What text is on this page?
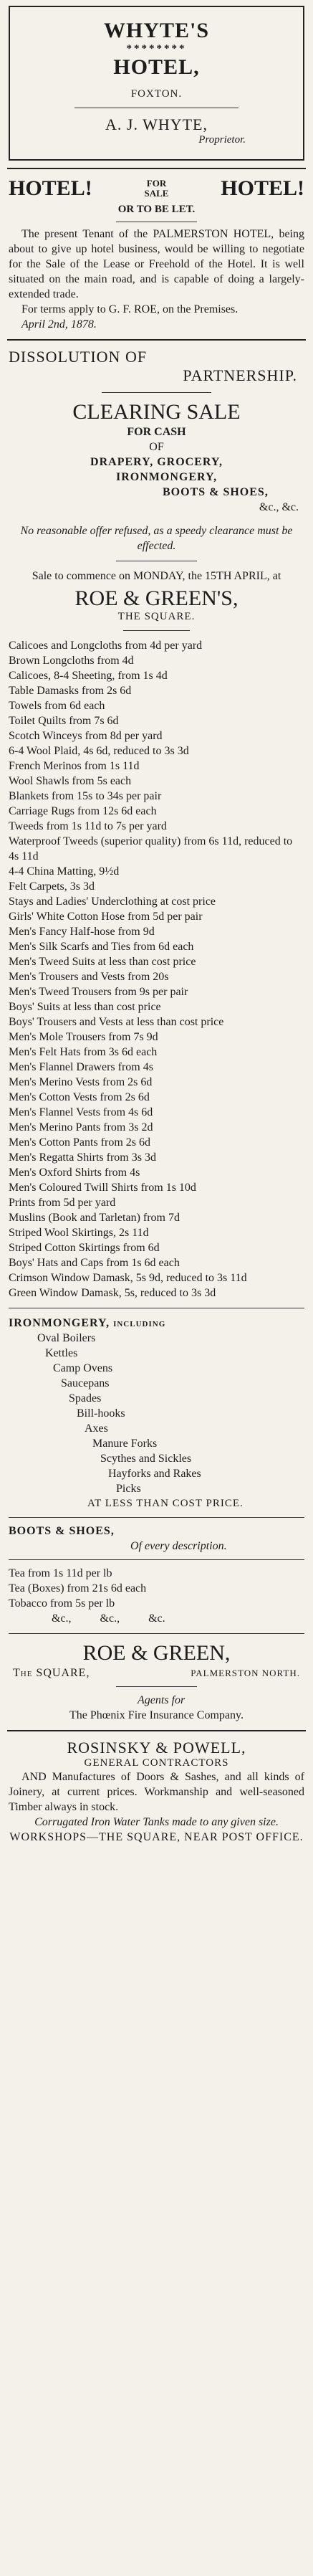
WHYTE'S
********
HOTEL,
FOXTON.
A. J. WHYTE,
Proprietor.
HOTEL!	FOR
SALE HOTEL!
OR TO BE LET.
The present Tenant of the PALMERSTON HOTEL, being about to give up hotel business, would be willing to negotiate for the Sale of the Lease or Freehold of the Hotel. It is well situated on the main road, and is capable of doing a largely-extended trade.
For terms apply to G. F. ROE, on the Premises.
April 2nd, 1878.
DISSOLUTION OF
PARTNERSHIP.
CLEARING SALE
FOR CASH
OF
DRAPERY, GROCERY,
IRONMONGERY,
BOOTS & SHOES,
&c., &c.
No reasonable offer refused, as a speedy clearance must be effected.
Sale to commence on MONDAY, the 15TH APRIL, at
ROE & GREEN'S,
THE SQUARE.
Calicoes and Longcloths from 4d per yard
Brown Longcloths from 4d
Calicoes, 8-4 Sheeting, from 1s 4d
Table Damasks from 2s 6d
Towels from 6d each
Toilet Quilts from 7s 6d
Scotch Winceys from 8d per yard
6-4 Wool Plaid, 4s 6d, reduced to 3s 3d
French Merinos from 1s 11d
Wool Shawls from 5s each
Blankets from 15s to 34s per pair
Carriage Rugs from 12s 6d each
Tweeds from 1s 11d to 7s per yard
Waterproof Tweeds (superior quality) from 6s 11d, reduced to 4s 11d
4-4 China Matting, 9½d
Felt Carpets, 3s 3d
Stays and Ladies' Underclothing at cost price
Girls' White Cotton Hose from 5d per pair
Men's Fancy Half-hose from 9d
Men's Silk Scarfs and Ties from 6d each
Men's Tweed Suits at less than cost price
Men's Trousers and Vests from 20s
Men's Tweed Trousers from 9s per pair
Boys' Suits at less than cost price
Boys' Trousers and Vests at less than cost price
Men's Mole Trousers from 7s 9d
Men's Felt Hats from 3s 6d each
Men's Flannel Drawers from 4s
Men's Merino Vests from 2s 6d
Men's Cotton Vests from 2s 6d
Men's Flannel Vests from 4s 6d
Men's Merino Pants from 3s 2d
Men's Cotton Pants from 2s 6d
Men's Regatta Shirts from 3s 3d
Men's Oxford Shirts from 4s
Men's Coloured Twill Shirts from 1s 10d
Prints from 5d per yard
Muslins (Book and Tarletan) from 7d
Striped Wool Skirtings, 2s 11d
Striped Cotton Skirtings from 6d
Boys' Hats and Caps from 1s 6d each
Crimson Window Damask, 5s 9d, reduced to 3s 11d
Green Window Damask, 5s, reduced to 3s 3d
IRONMONGERY, including
Oval Boilers
Kettles
Camp Ovens
Saucepans
Spades
Bill-hooks
Axes
Manure Forks
Scythes and Sickles
Hayforks and Rakes
Picks
AT LESS THAN COST PRICE.
BOOTS & SHOES,
Of every description.
Tea from 1s 11d per lb
Tea (Boxes) from 21s 6d each
Tobacco from 5s per lb
&c.,          &c.,          &c.
ROE & GREEN,
The SQUARE,	PALMERSTON NORTH.
Agents for
The Phœnix Fire Insurance Company.
ROSINSKY & POWELL,
GENERAL CONTRACTORS
AND Manufactures of Doors & Sashes, and all kinds of Joinery, at current prices. Workmanship and well-seasoned Timber always in stock.
Corrugated Iron Water Tanks made to any given size.
WORKSHOPS—THE SQUARE, NEAR POST OFFICE.
